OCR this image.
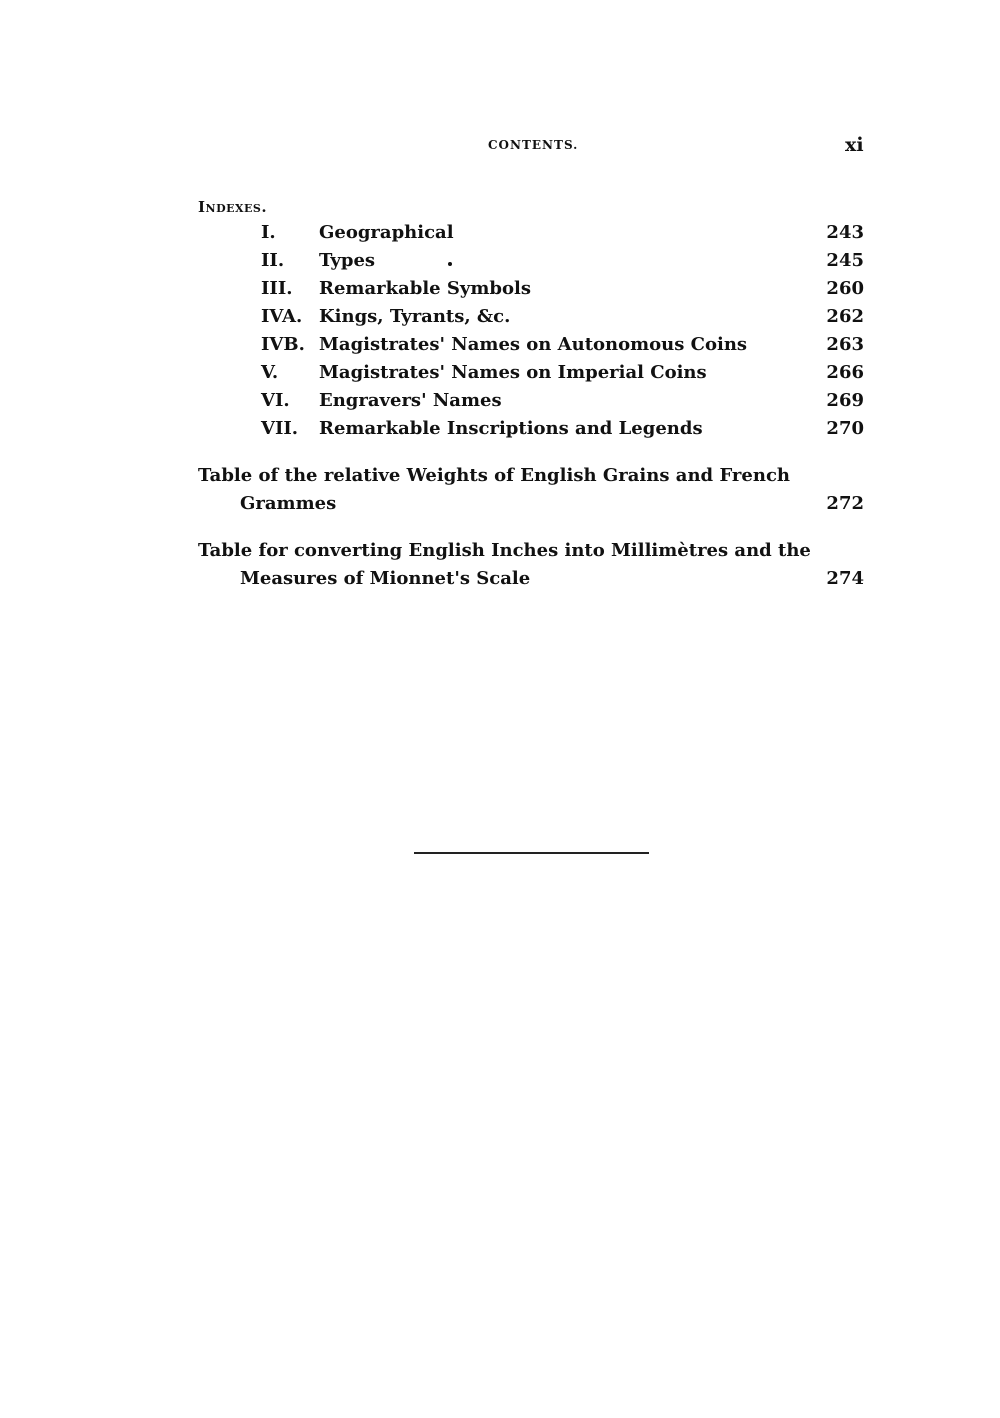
CONTENTS.	xi
Indexes.
I. Geographical	243
II. Types	245
III. Remarkable Symbols	260
IVA. Kings, Tyrants, &c.	262
IVB. Magistrates' Names on Autonomous Coins	263
V. Magistrates' Names on Imperial Coins	266
VI. Engravers' Names	269
VII. Remarkable Inscriptions and Legends	270
Table of the relative Weights of English Grains and French
Grammes	272
Table for converting English Inches into Millimètres and the
Measures of Mionnet's Scale	274
